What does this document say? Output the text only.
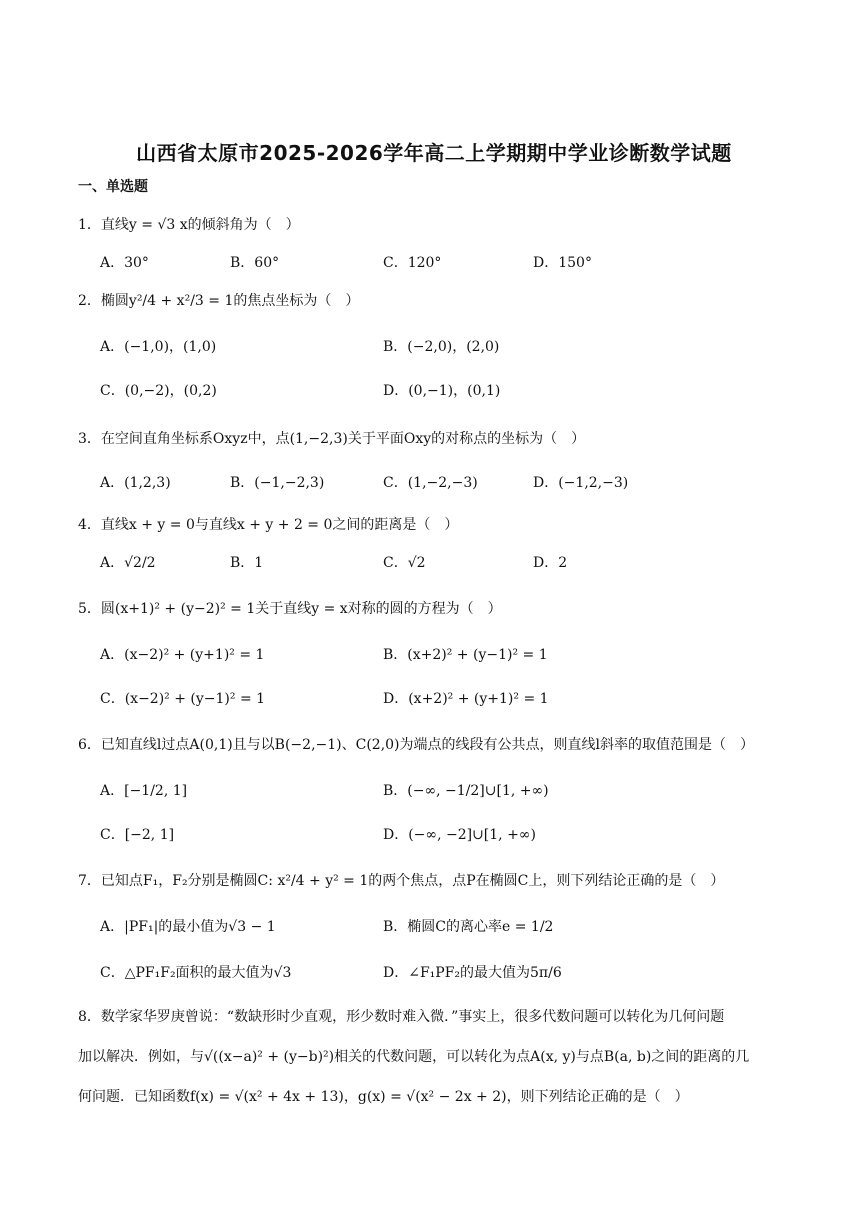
山西省太原市2025-2026学年高二上学期期中学业诊断数学试题
一、单选题
1．直线y = √3 x的倾斜角为（　）
A．30°	B．60°	C．120°	D．150°
2．椭圆y²/4 + x²/3 = 1的焦点坐标为（　）
A．(−1,0)，(1,0)	B．(−2,0)，(2,0)
C．(0,−2)，(0,2)	D．(0,−1)，(0,1)
3．在空间直角坐标系Oxyz中，点(1,−2,3)关于平面Oxy的对称点的坐标为（　）
A．(1,2,3)	B．(−1,−2,3)	C．(1,−2,−3)	D．(−1,2,−3)
4．直线x + y = 0与直线x + y + 2 = 0之间的距离是（　）
A．√2/2	B．1	C．√2	D．2
5．圆(x+1)² + (y−2)² = 1关于直线y = x对称的圆的方程为（　）
A．(x−2)² + (y+1)² = 1	B．(x+2)² + (y−1)² = 1
C．(x−2)² + (y−1)² = 1	D．(x+2)² + (y+1)² = 1
6．已知直线l过点A(0,1)且与以B(−2,−1)、C(2,0)为端点的线段有公共点，则直线l斜率的取值范围是（　）
A．[−1/2, 1]	B．(−∞, −1/2]∪[1, +∞)
C．[−2, 1]	D．(−∞, −2]∪[1, +∞)
7．已知点F₁，F₂分别是椭圆C: x²/4 + y² = 1的两个焦点，点P在椭圆C上，则下列结论正确的是（　）
A．|PF₁|的最小值为√3 − 1	B．椭圆C的离心率e = 1/2
C．△PF₁F₂面积的最大值为√3	D．∠F₁PF₂的最大值为5π/6
8．数学家华罗庚曾说：“数缺形时少直观，形少数时难入微．”事实上，很多代数问题可以转化为几何问题
加以解决．例如，与√((x−a)² + (y−b)²)相关的代数问题，可以转化为点A(x, y)与点B(a, b)之间的距离的几
何问题．已知函数f(x) = √(x² + 4x + 13)，g(x) = √(x² − 2x + 2)，则下列结论正确的是（　）
